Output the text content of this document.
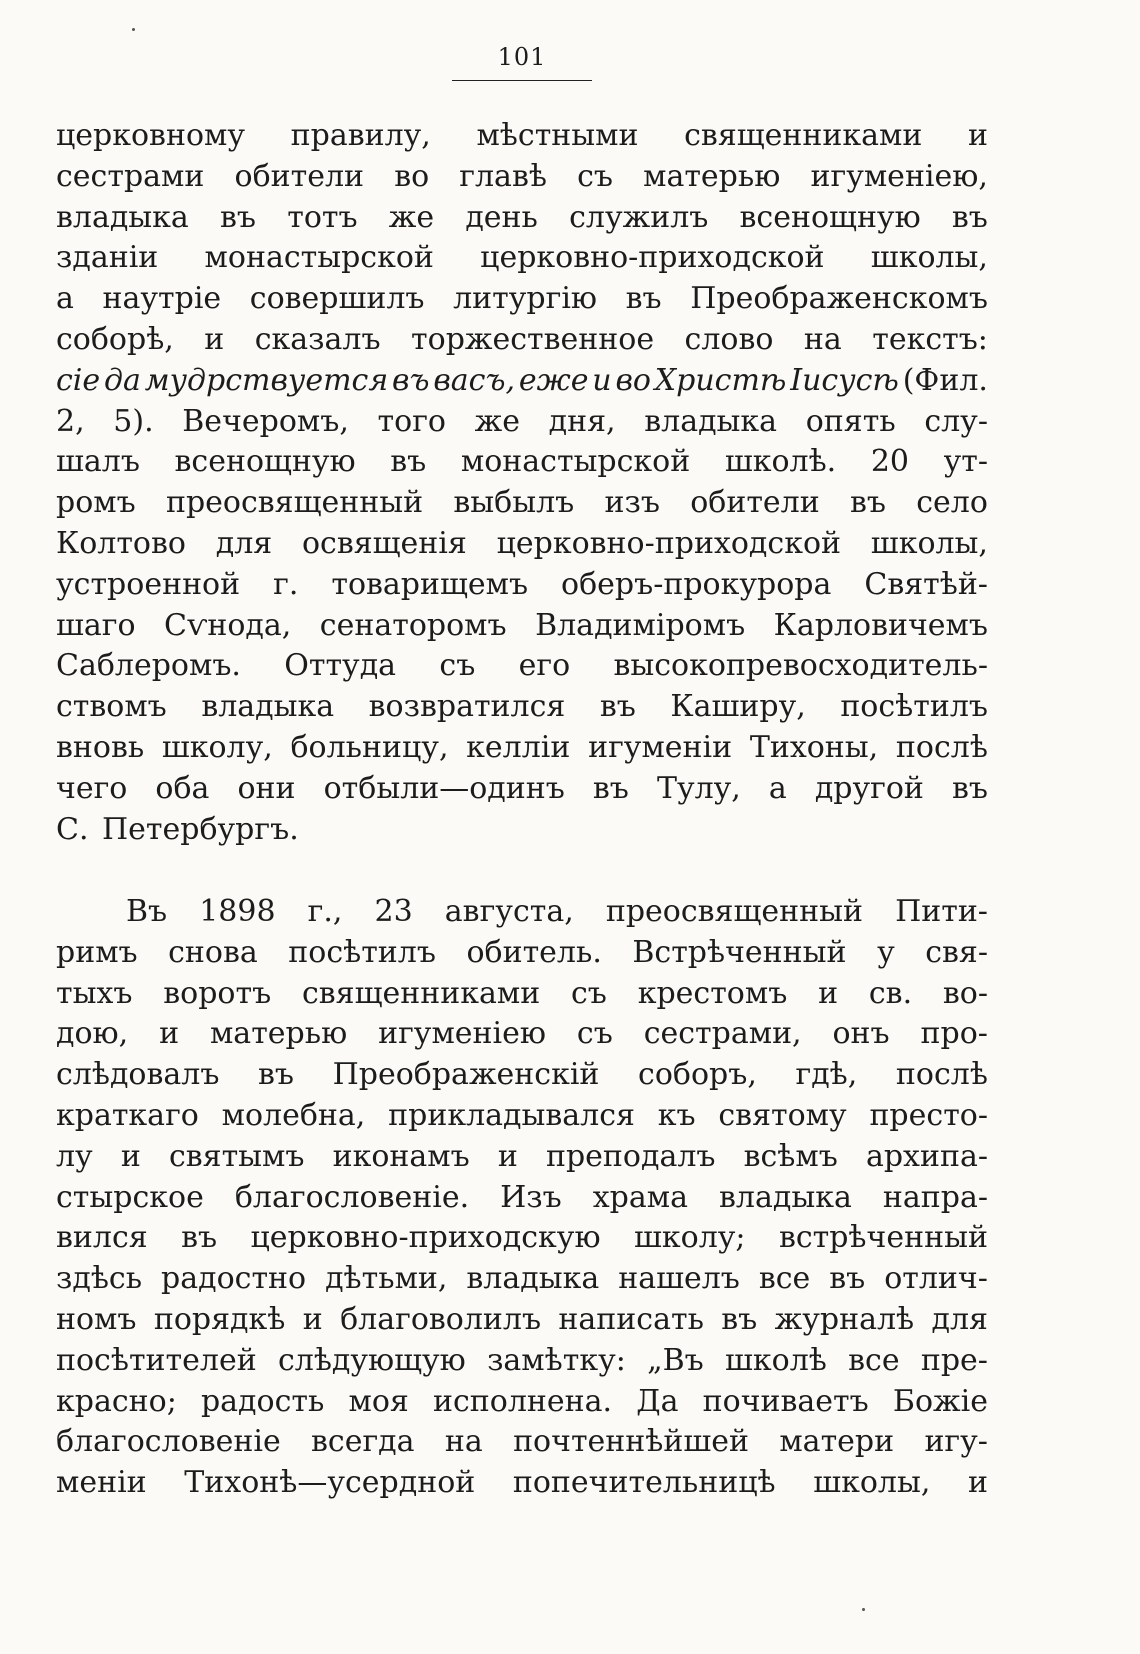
101
церковному правилу, мѣстными священниками и
сестрами обители во главѣ съ матерью игуменіею,
владыка въ тотъ же день служилъ всенощную въ
зданіи монастырской церковно-приходской школы,
а наутріе совершилъ литургію въ Преображенскомъ
соборѣ, и сказалъ торжественное слово на текстъ:
сіе да мудрствуется въ васъ, еже и во Христѣ Іисусѣ (Фил.
2, 5). Вечеромъ, того же дня, владыка опять слу-
шалъ всенощную въ монастырской школѣ. 20 ут-
ромъ преосвященный выбылъ изъ обители въ село
Колтово для освященія церковно-приходской школы,
устроенной г. товарищемъ оберъ-прокурора Святѣй-
шаго Сѵнода, сенаторомъ Владиміромъ Карловичемъ
Саблеромъ. Оттуда съ его высокопревосходитель-
ствомъ владыка возвратился въ Каширу, посѣтилъ
вновь школу, больницу, келліи игуменіи Тихоны, послѣ
чего оба они отбыли—одинъ въ Тулу, а другой въ
С. Петербургъ.
Въ 1898 г., 23 августа, преосвященный Пити-
римъ снова посѣтилъ обитель. Встрѣченный у свя-
тыхъ воротъ священниками съ крестомъ и св. во-
дою, и матерью игуменіею съ сестрами, онъ про-
слѣдовалъ въ Преображенскій соборъ, гдѣ, послѣ
краткаго молебна, прикладывался къ святому престо-
лу и святымъ иконамъ и преподалъ всѣмъ архипа-
стырское благословеніе. Изъ храма владыка напра-
вился въ церковно-приходскую школу; встрѣченный
здѣсь радостно дѣтьми, владыка нашелъ все въ отлич-
номъ порядкѣ и благоволилъ написать въ журналѣ для
посѣтителей слѣдующую замѣтку: „Въ школѣ все пре-
красно; радость моя исполнена. Да почиваетъ Божіе
благословеніе всегда на почтеннѣйшей матери игу-
меніи Тихонѣ—усердной попечительницѣ школы, и
